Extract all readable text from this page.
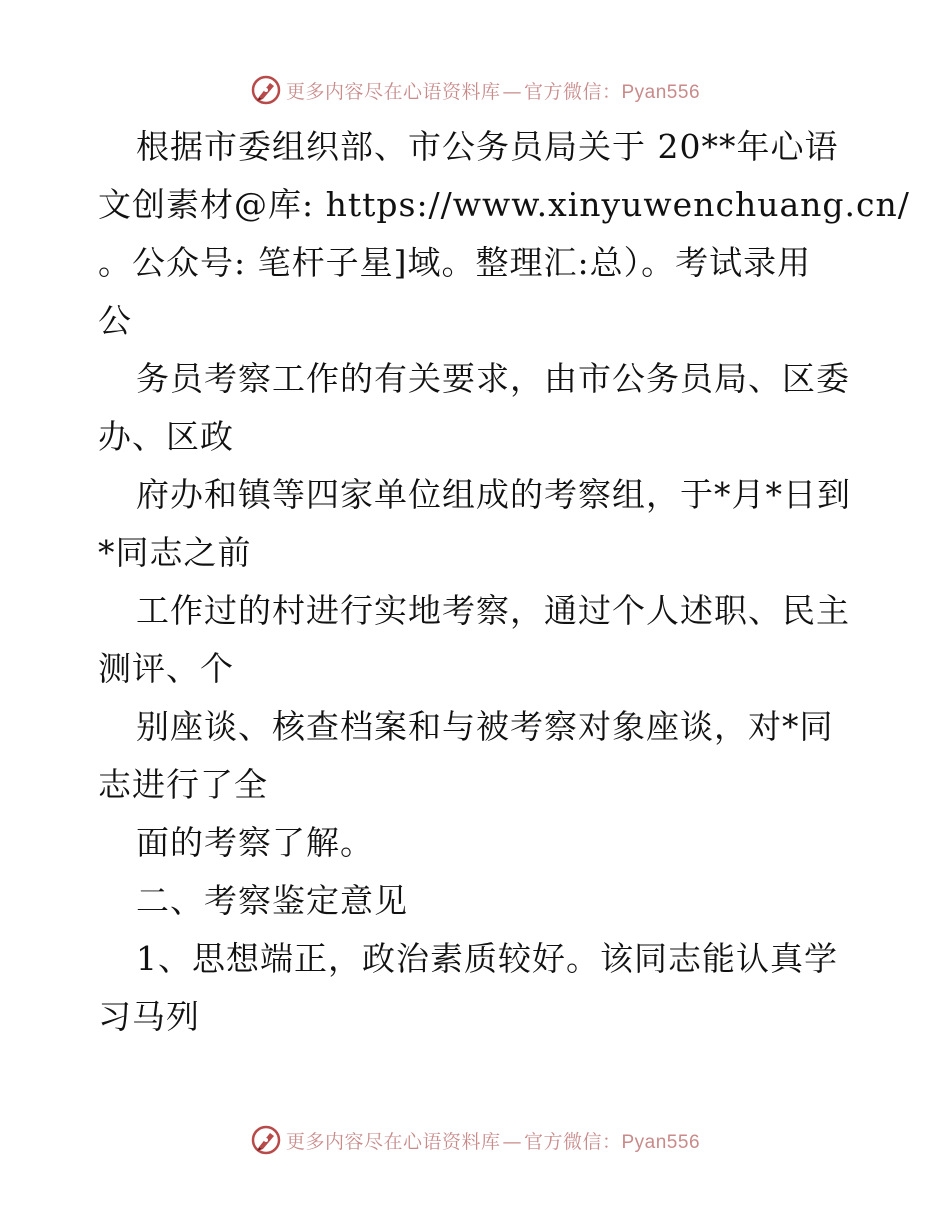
更多内容尽在心语资料库 — 官方微信：Pyan556
根据市委组织部、市公务员局关于 20**年心语
文创素材@库: https://www.xinyuwenchuang.cn/
。公众号: 笔杆子星]域。整理汇:总）。考试录用
公
务员考察工作的有关要求，由市公务员局、区委
办、区政
府办和镇等四家单位组成的考察组，于*月*日到
*同志之前
工作过的村进行实地考察，通过个人述职、民主
测评、个
别座谈、核查档案和与被考察对象座谈，对*同
志进行了全
面的考察了解。
二、考察鉴定意见
1、思想端正，政治素质较好。该同志能认真学
习马列
更多内容尽在心语资料库 — 官方微信：Pyan556
